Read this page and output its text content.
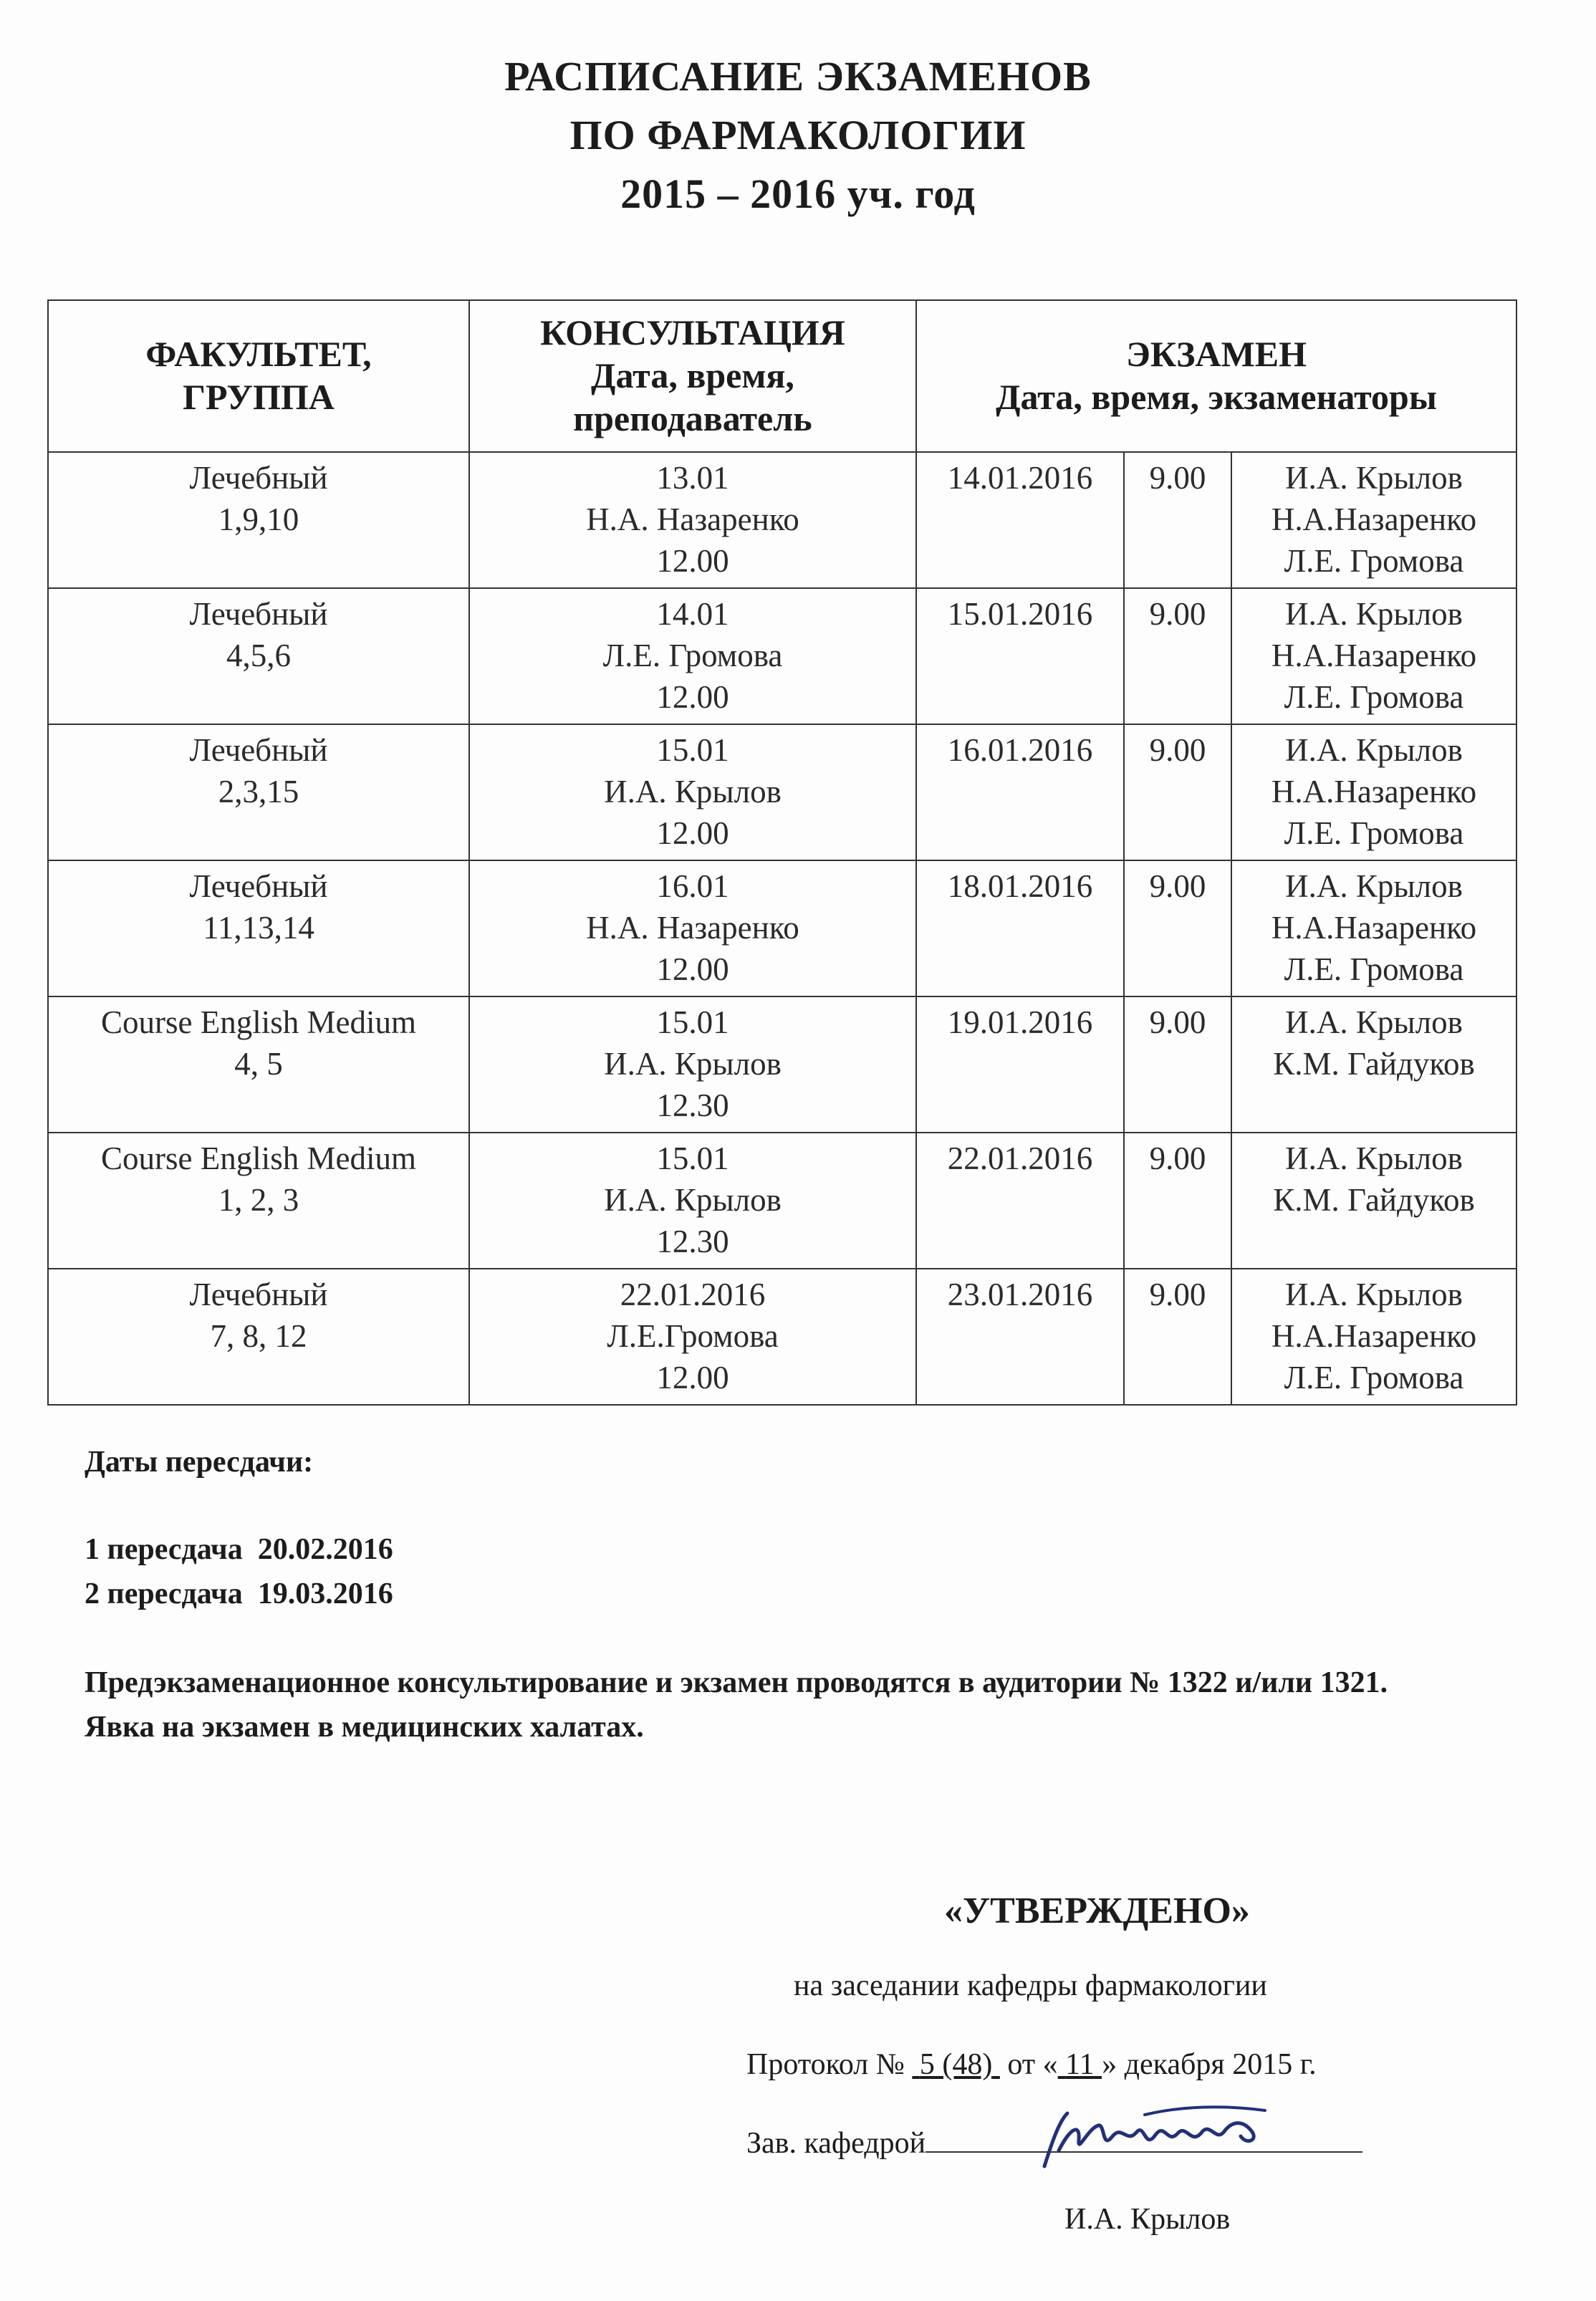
РАСПИСАНИЕ ЭКЗАМЕНОВ
ПО ФАРМАКОЛОГИИ
2015 – 2016 уч. год
ФАКУЛЬТЕТ,
ГРУППА	КОНСУЛЬТАЦИЯ
Дата, время,
преподаватель	ЭКЗАМЕН
Дата, время, экзаменаторы		

Лечебный
1,9,10	13.01
Н.А. Назаренко
12.00	14.01.2016	9.00	И.А. Крылов
Н.А.Назаренко
Л.Е. Громова

Лечебный
4,5,6	14.01
Л.Е. Громова
12.00	15.01.2016	9.00	И.А. Крылов
Н.А.Назаренко
Л.Е. Громова

Лечебный
2,3,15	15.01
И.А. Крылов
12.00	16.01.2016	9.00	И.А. Крылов
Н.А.Назаренко
Л.Е. Громова

Лечебный
11,13,14	16.01
Н.А. Назаренко
12.00	18.01.2016	9.00	И.А. Крылов
Н.А.Назаренко
Л.Е. Громова

Course English Medium
4, 5	15.01
И.А. Крылов
12.30	19.01.2016	9.00	И.А. Крылов
К.М. Гайдуков

Course English Medium
1, 2, 3	15.01
И.А. Крылов
12.30	22.01.2016	9.00	И.А. Крылов
К.М. Гайдуков

Лечебный
7, 8, 12	22.01.2016
Л.Е.Громова
12.00	23.01.2016	9.00	И.А. Крылов
Н.А.Назаренко
Л.Е. Громова

Даты пересдачи:

1 пересдача 20.02.2016

2 пересдача 19.03.2016

Предэкзаменационное консультирование и экзамен проводятся в аудитории № 1322 и/или 1321.

Явка на экзамен в медицинских халатах.

«УТВЕРЖДЕНО»
на заседании кафедры фармакологии
Протокол № 5 (48) от « 11 » декабря 2015 г.
Зав. кафедрой
И.А. Крылов
